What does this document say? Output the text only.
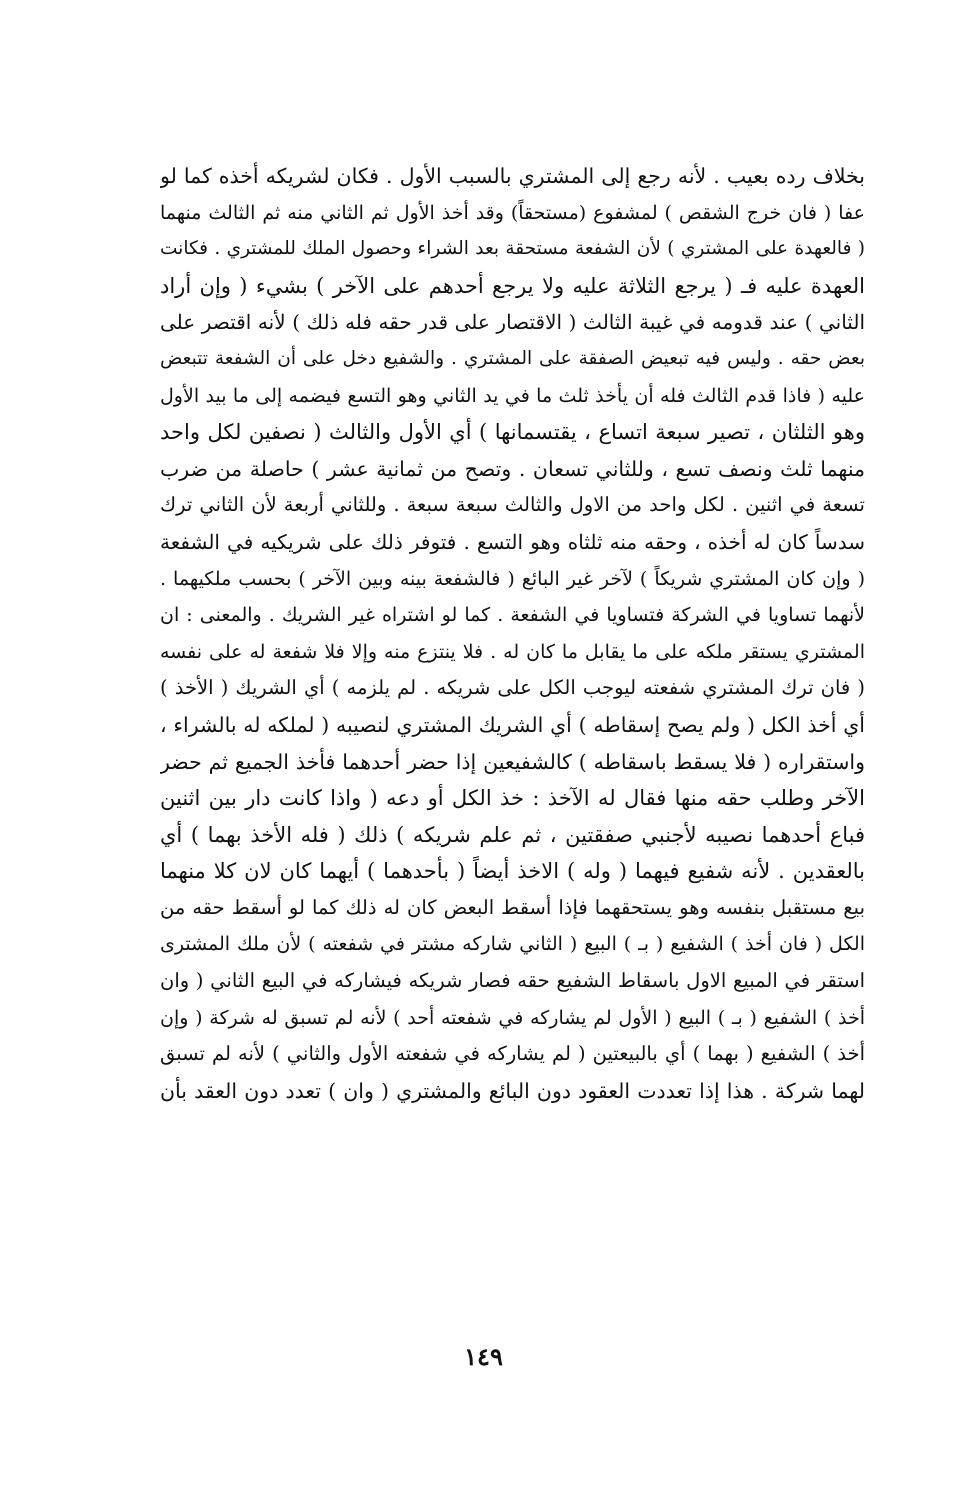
بخلاف رده بعيب . لأنه رجع إلى المشتري بالسبب الأول . فكان لشريكه أخذه كما لو
عفا ( فان خرج الشقص ) لمشفوع (مستحقاً) وقد أخذ الأول ثم الثاني منه ثم الثالث منهما
( فالعهدة على المشتري ) لأن الشفعة مستحقة بعد الشراء وحصول الملك للمشتري . فكانت
العهدة عليه فـ ( يرجع الثلاثة عليه ولا يرجع أحدهم على الآخر ) بشيء ( وإن أراد
الثاني ) عند قدومه في غيبة الثالث ( الاقتصار على قدر حقه فله ذلك ) لأنه اقتصر على
بعض حقه . وليس فيه تبعيض الصفقة على المشتري . والشفيع دخل على أن الشفعة تتبعض
عليه ( فاذا قدم الثالث فله أن يأخذ ثلث ما في يد الثاني وهو التسع فيضمه إلى ما بيد الأول
وهو الثلثان ، تصير سبعة اتساع ، يقتسمانها ) أي الأول والثالث ( نصفين لكل واحد
منهما ثلث ونصف تسع ، وللثاني تسعان . وتصح من ثمانية عشر ) حاصلة من ضرب
تسعة في اثنين . لكل واحد من الاول والثالث سبعة سبعة . وللثاني أربعة لأن الثاني ترك
سدساً كان له أخذه ، وحقه منه ثلثاه وهو التسع . فتوفر ذلك على شريكيه في الشفعة
( وإن كان المشتري شريكاً ) لآخر غير البائع ( فالشفعة بينه وبين الآخر ) بحسب ملكيهما .
لأنهما تساويا في الشركة فتساويا في الشفعة . كما لو اشتراه غير الشريك . والمعنى : ان
المشتري يستقر ملكه على ما يقابل ما كان له . فلا ينتزع منه وإلا فلا شفعة له على نفسه
( فان ترك المشتري شفعته ليوجب الكل على شريكه . لم يلزمه ) أي الشريك ( الأخذ )
أي أخذ الكل ( ولم يصح إسقاطه ) أي الشريك المشتري لنصيبه ( لملكه له بالشراء ،
واستقراره ( فلا يسقط باسقاطه ) كالشفيعين إذا حضر أحدهما فأخذ الجميع ثم حضر
الآخر وطلب حقه منها فقال له الآخذ : خذ الكل أو دعه ( واذا كانت دار بين اثنين
فباع أحدهما نصيبه لأجنبي صفقتين ، ثم علم شريكه ) ذلك ( فله الأخذ بهما ) أي
بالعقدين . لأنه شفيع فيهما ( وله ) الاخذ أيضاً ( بأحدهما ) أيهما كان لان كلا منهما
بيع مستقبل بنفسه وهو يستحقهما فإذا أسقط البعض كان له ذلك كما لو أسقط حقه من
الكل ( فان أخذ ) الشفيع ( بـ ) البيع ( الثاني شاركه مشتر في شفعته ) لأن ملك المشترى
استقر في المبيع الاول باسقاط الشفيع حقه فصار شريكه فيشاركه في البيع الثاني ( وان
أخذ ) الشفيع ( بـ ) البيع ( الأول لم يشاركه في شفعته أحد ) لأنه لم تسبق له شركة ( وإن
أخذ ) الشفيع ( بهما ) أي بالبيعتين ( لم يشاركه في شفعته الأول والثاني ) لأنه لم تسبق
لهما شركة . هذا إذا تعددت العقود دون البائع والمشتري ( وان ) تعدد دون العقد بأن
١٤٩
